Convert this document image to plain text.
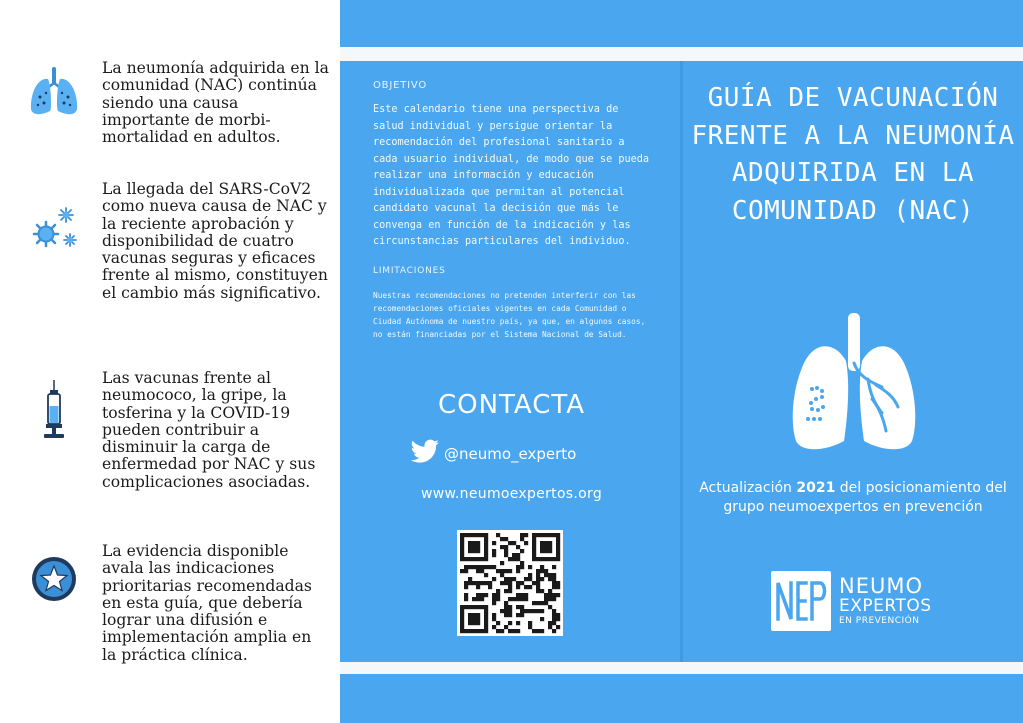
La neumonía adquirida en la comunidad (NAC) continúa siendo una causa importante de morbi-mortalidad en adultos.

La llegada del SARS-CoV2 como nueva causa de NAC y la reciente aprobación y disponibilidad de cuatro vacunas seguras y eficaces frente al mismo, constituyen el cambio más significativo.

Las vacunas frente al neumococo, la gripe, la tosferina y la COVID-19 pueden contribuir a disminuir la carga de enfermedad por NAC y sus complicaciones asociadas.

La evidencia disponible avala las indicaciones prioritarias recomendadas en esta guía, que debería lograr una difusión e implementación amplia en la práctica clínica.

OBJETIVO

Este calendario tiene una perspectiva de salud individual y persigue orientar la recomendación del profesional sanitario a cada usuario individual, de modo que se pueda realizar una información y educación individualizada que permitan al potencial candidato vacunal la decisión que más le convenga en función de la indicación y las circunstancias particulares del individuo.

LIMITACIONES

Nuestras recomendaciones no pretenden interferir con las recomendaciones oficiales vigentes en cada Comunidad o Ciudad Autónoma de nuestro país, ya que, en algunos casos, no están financiadas por el Sistema Nacional de Salud.

CONTACTA
@neumo_experto
www.neumoexpertos.org

GUÍA DE VACUNACIÓN FRENTE A LA NEUMONÍA ADQUIRIDA EN LA COMUNIDAD (NAC)

Actualización 2021 del posicionamiento del grupo neumoexpertos en prevención

NEUMO
EXPERTOS
EN PREVENCIÓN
